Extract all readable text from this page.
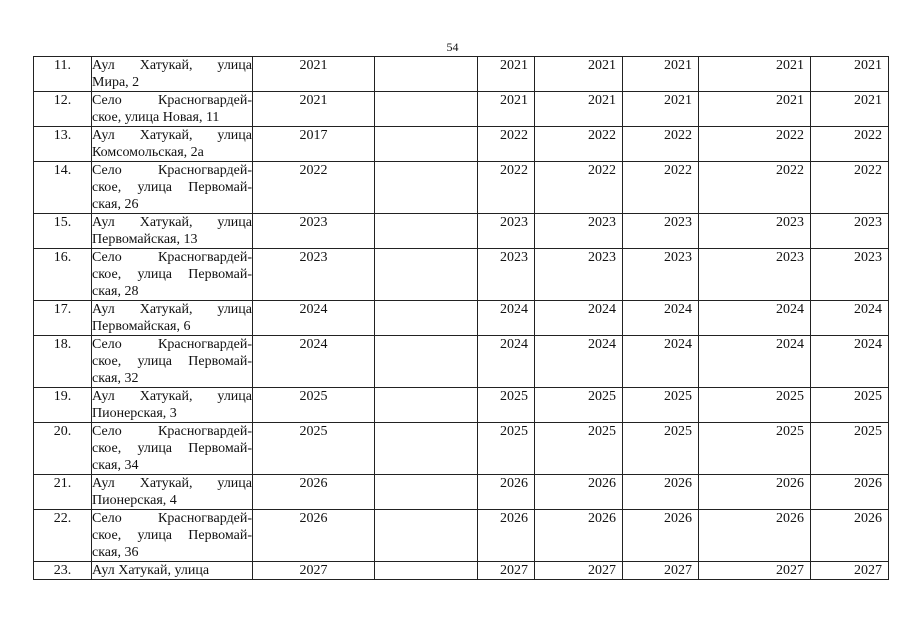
54
11.	Аул Хатукай, улица
Мира, 2	2021		2021	2021	2021	2021	2021
12.	Село Красногвардей-
ское, улица Новая, 11	2021		2021	2021	2021	2021	2021
13.	Аул Хатукай, улица
Комсомольская, 2а	2017		2022	2022	2022	2022	2022
14.	Село Красногвардей-
ское, улица Первомай-
ская, 26	2022		2022	2022	2022	2022	2022
15.	Аул Хатукай, улица
Первомайская, 13	2023		2023	2023	2023	2023	2023
16.	Село Красногвардей-
ское, улица Первомай-
ская, 28	2023		2023	2023	2023	2023	2023
17.	Аул Хатукай, улица
Первомайская, 6	2024		2024	2024	2024	2024	2024
18.	Село Красногвардей-
ское, улица Первомай-
ская, 32	2024		2024	2024	2024	2024	2024
19.	Аул Хатукай, улица
Пионерская, 3	2025		2025	2025	2025	2025	2025
20.	Село Красногвардей-
ское, улица Первомай-
ская, 34	2025		2025	2025	2025	2025	2025
21.	Аул Хатукай, улица
Пионерская, 4	2026		2026	2026	2026	2026	2026
22.	Село Красногвардей-
ское, улица Первомай-
ская, 36	2026		2026	2026	2026	2026	2026
23.	Аул Хатукай, улица	2027		2027	2027	2027	2027	2027
